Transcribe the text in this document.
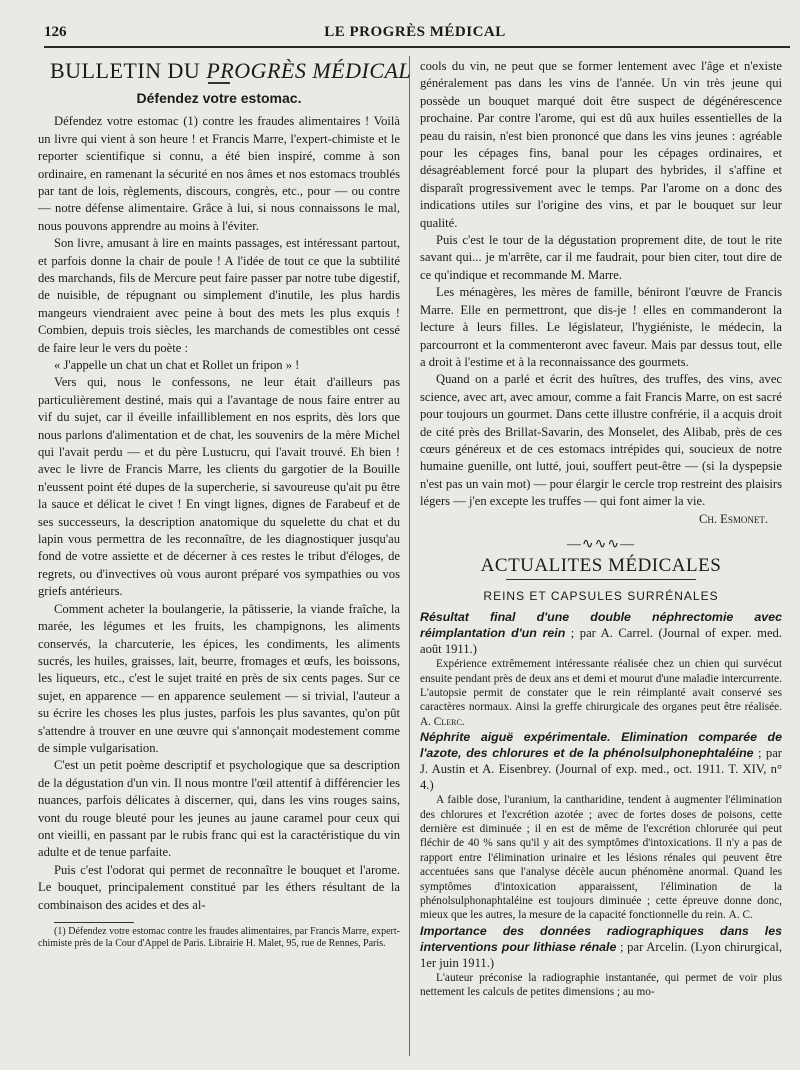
126	LE PROGRÈS MÉDICAL
BULLETIN DU PROGRÈS MÉDICAL
Défendez votre estomac.

Défendez votre estomac (1) contre les fraudes alimentaires ! Voilà un livre qui vient à son heure ! et Francis Marre, l'expert-chimiste et le reporter scientifique si connu, a été bien inspiré, comme à son ordinaire, en ramenant la sécurité en nos âmes et nos estomacs troublés par tant de lois, règlements, discours, congrès, etc., pour — ou contre — notre défense alimentaire. Grâce à lui, si nous connaissons le mal, nous pouvons apprendre au moins à l'éviter.

Son livre, amusant à lire en maints passages, est intéressant partout, et parfois donne la chair de poule ! A l'idée de tout ce que la subtilité des marchands, fils de Mercure peut faire passer par notre tube digestif, de nuisible, de répugnant ou simplement d'inutile, les plus hardis mangeurs viendraient avec peine à bout des mets les plus exquis ! Combien, depuis trois siècles, les marchands de comestibles ont cessé de faire leur le vers du poète :

« J'appelle un chat un chat et Rollet un fripon » !

Vers qui, nous le confessons, ne leur était d'ailleurs pas particulièrement destiné, mais qui a l'avantage de nous faire entrer au vif du sujet, car il éveille infailliblement en nos esprits, dès lors que nous parlons d'alimentation et de chat, les souvenirs de la mère Michel qui l'avait perdu — et du père Lustucru, qui l'avait trouvé. Eh bien ! avec le livre de Francis Marre, les clients du gargotier de la Bouille n'eussent point été dupes de la supercherie, si savoureuse qu'ait pu être la sauce et délicat le civet ! En vingt lignes, dignes de Farabeuf et de ses successeurs, la description anatomique du squelette du chat et du lapin vous permettra de les reconnaître, de les diagnostiquer jusqu'au fond de votre assiette et de décerner à ces restes le tribut d'éloges, de regrets, ou d'invectives où vous auront préparé vos sympathies ou vos griefs antérieurs.

Comment acheter la boulangerie, la pâtisserie, la viande fraîche, la marée, les légumes et les fruits, les champignons, les aliments conservés, la charcuterie, les épices, les condiments, les aliments sucrés, les huiles, graisses, lait, beurre, fromages et œufs, les boissons, les liqueurs, etc., c'est le sujet traité en près de six cents pages. Sur ce sujet, en apparence — en apparence seulement — si trivial, l'auteur a su écrire les choses les plus justes, parfois les plus savantes, qu'on pût s'attendre à trouver en une œuvre qui s'annonçait modestement comme de simple vulgarisation.

C'est un petit poème descriptif et psychologique que sa description de la dégustation d'un vin. Il nous montre l'œil attentif à différencier les nuances, parfois délicates à discerner, qui, dans les vins rouges sains, vont du rouge bleuté pour les jeunes au jaune caramel pour ceux qui ont vieilli, en passant par le rubis franc qui est la caractéristique du vin adulte et de tenue parfaite.

Puis c'est l'odorat qui permet de reconnaître le bouquet et l'arome. Le bouquet, principalement constitué par les éthers résultant de la combinaison des acides et des al-

(1) Défendez votre estomac contre les fraudes alimentaires, par Francis Marre, expert-chimiste près de la Cour d'Appel de Paris. Librairie H. Malet, 95, rue de Rennes, Paris.

cools du vin, ne peut que se former lentement avec l'âge et n'existe généralement pas dans les vins de l'année. Un vin très jeune qui possède un bouquet marqué doit être suspect de dégénérescence prochaine. Par contre l'arome, qui est dû aux huiles essentielles de la peau du raisin, n'est bien prononcé que dans les vins jeunes : agréable pour les cépages fins, banal pour les cépages ordinaires, et désagréablement forcé pour la plupart des hybrides, il s'affine et disparaît progressivement avec le temps. Par l'arome on a donc des indications utiles sur l'origine des vins, et par le bouquet sur leur qualité.

Puis c'est le tour de la dégustation proprement dite, de tout le rite savant qui... je m'arrête, car il me faudrait, pour bien citer, tout dire de ce qu'indique et recommande M. Marre.

Les ménagères, les mères de famille, béniront l'œuvre de Francis Marre. Elle en permettront, que dis-je ! elles en commanderont la lecture à leurs filles. Le législateur, l'hygiéniste, le médecin, la parcourront et la commenteront avec faveur. Mais par dessus tout, elle a droit à l'estime et à la reconnaissance des gourmets.

Quand on a parlé et écrit des huîtres, des truffes, des vins, avec science, avec art, avec amour, comme a fait Francis Marre, on est sacré pour toujours un gourmet. Dans cette illustre confrérie, il a acquis droit de cité près des Brillat-Savarin, des Monselet, des Alibab, près de ces cœurs généreux et de ces estomacs intrépides qui, soucieux de notre humaine guenille, ont lutté, joui, souffert peut-être — (si la dyspepsie n'est pas un vain mot) — pour élargir le cercle trop restreint des plaisirs légers — j'en excepte les truffes — qui font aimer la vie.

Ch. Esmonet.

—∿∿∿—
ACTUALITES MÉDICALES
REINS ET CAPSULES SURRÉNALES

Résultat final d'une double néphrectomie avec réimplantation d'un rein ; par A. Carrel. (Journal of exper. med. août 1911.)

Expérience extrêmement intéressante réalisée chez un chien qui survécut ensuite pendant près de deux ans et demi et mourut d'une maladie intercurrente. L'autopsie permit de constater que le rein réimplanté avait conservé ses caractères normaux. Ainsi la greffe chirurgicale des organes peut être réalisée. A. Clerc.

Néphrite aiguë expérimentale. Elimination comparée de l'azote, des chlorures et de la phénolsulphonephtaléine ; par J. Austin et A. Eisenbrey. (Journal of exp. med., oct. 1911. T. XIV, n° 4.)

A faible dose, l'uranium, la cantharidine, tendent à augmenter l'élimination des chlorures et l'excrétion azotée ; avec de fortes doses de poisons, cette dernière est diminuée ; il en est de même de l'excrétion chlorurée qui peut fléchir de 40 % sans qu'il y ait des symptômes d'intoxications. Il n'y a pas de rapport entre l'élimination urinaire et les lésions rénales qui peuvent être accentuées sans que l'analyse décèle aucun phénomène anormal. Quand les symptômes d'intoxication apparaissent, l'élimination de la phénolsulphonaphtaléine est toujours diminuée ; cette épreuve donne donc, mieux que les autres, la mesure de la capacité fonctionnelle du rein. A. C.

Importance des données radiographiques dans les interventions pour lithiase rénale ; par Arcelin. (Lyon chirurgical, 1er juin 1911.)

L'auteur préconise la radiographie instantanée, qui permet de voir plus nettement les calculs de petites dimensions ; au mo-
